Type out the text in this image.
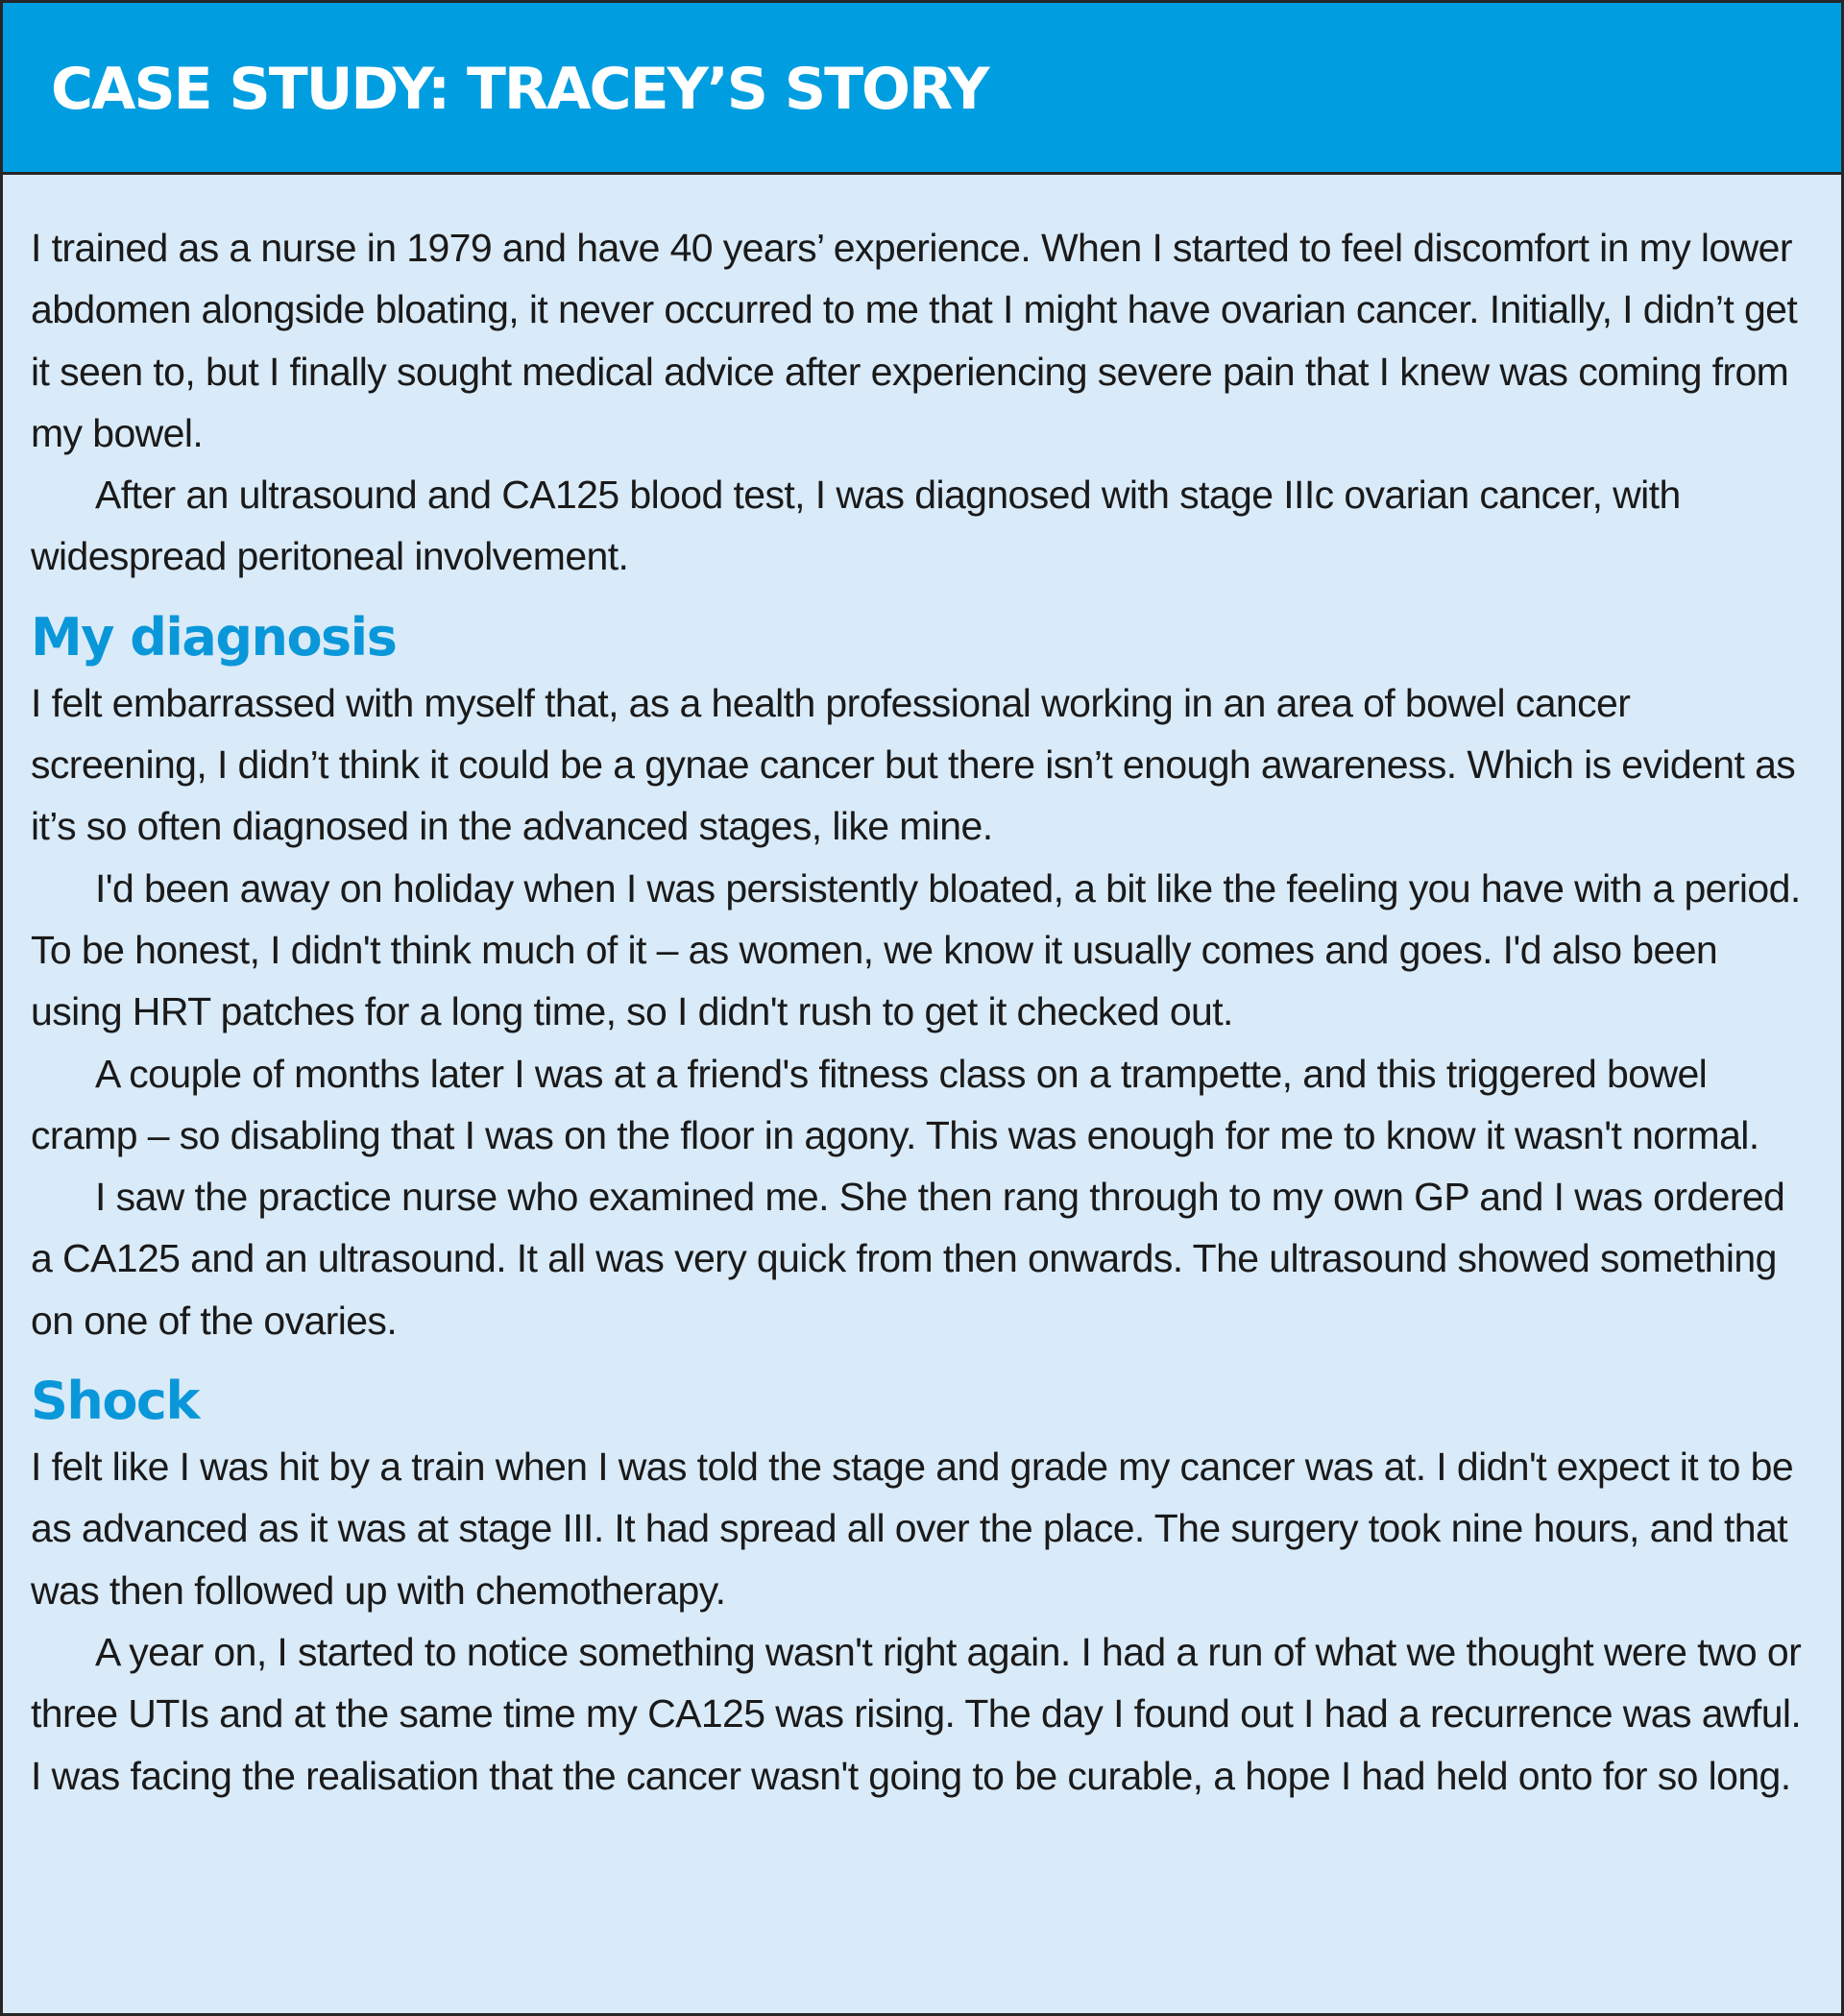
CASE STUDY: TRACEY’S STORY

I trained as a nurse in 1979 and have 40 years’ experience. When I started to feel discomfort in my lower abdomen alongside bloating, it never occurred to me that I might have ovarian cancer. Initially, I didn’t get it seen to, but I finally sought medical advice after experiencing severe pain that I knew was coming from my bowel.

After an ultrasound and CA125 blood test, I was diagnosed with stage IIIc ovarian cancer, with widespread peritoneal involvement.

My diagnosis

I felt embarrassed with myself that, as a health professional working in an area of bowel cancer screening, I didn’t think it could be a gynae cancer but there isn’t enough awareness. Which is evident as it’s so often diagnosed in the advanced stages, like mine.

I'd been away on holiday when I was persistently bloated, a bit like the feeling you have with a period. To be honest, I didn't think much of it – as women, we know it usually comes and goes. I'd also been using HRT patches for a long time, so I didn't rush to get it checked out.

A couple of months later I was at a friend's fitness class on a trampette, and this triggered bowel cramp – so disabling that I was on the floor in agony. This was enough for me to know it wasn't normal.

I saw the practice nurse who examined me. She then rang through to my own GP and I was ordered a CA125 and an ultrasound. It all was very quick from then onwards. The ultrasound showed something on one of the ovaries.

Shock

I felt like I was hit by a train when I was told the stage and grade my cancer was at. I didn't expect it to be as advanced as it was at stage III. It had spread all over the place. The surgery took nine hours, and that was then followed up with chemotherapy.

A year on, I started to notice something wasn't right again. I had a run of what we thought were two or three UTIs and at the same time my CA125 was rising. The day I found out I had a recurrence was awful. I was facing the realisation that the cancer wasn't going to be curable, a hope I had held onto for so long.
